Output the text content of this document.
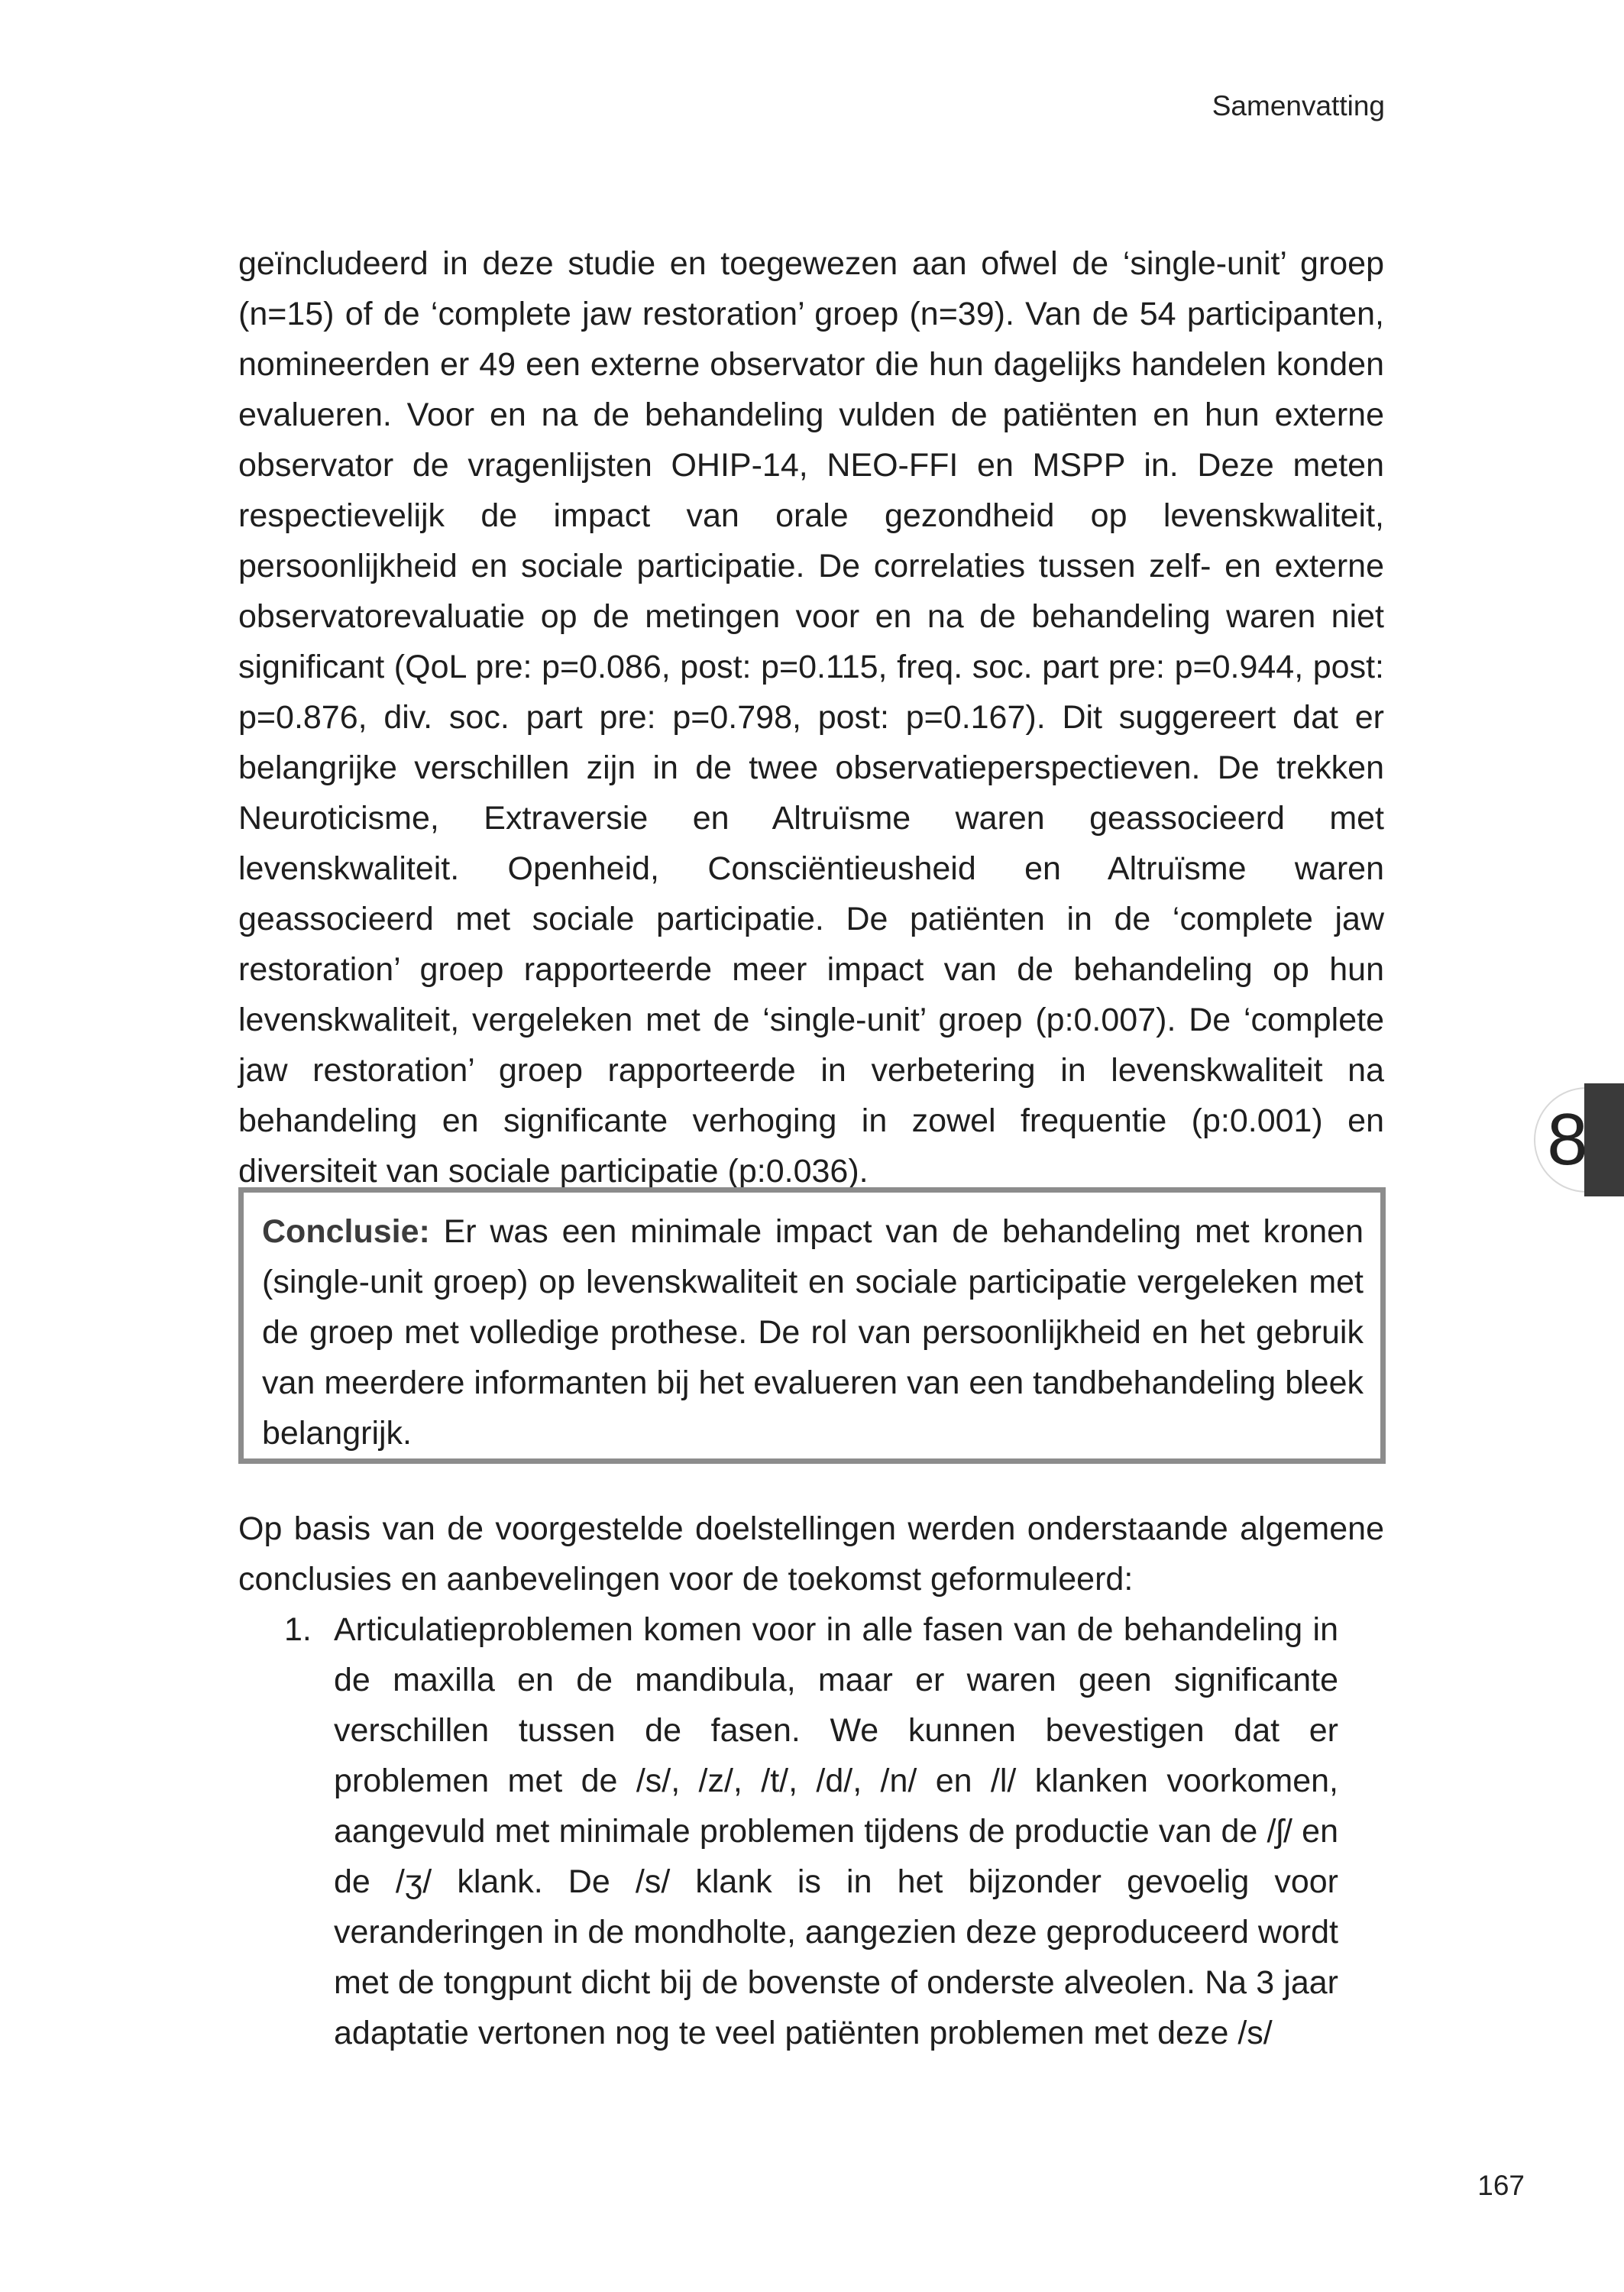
Samenvatting

geïncludeerd in deze studie en toegewezen aan ofwel de ‘single-unit’ groep (n=15) of de ‘complete jaw restoration’ groep (n=39). Van de 54 participanten, nomineerden er 49 een externe observator die hun dagelijks handelen konden evalueren. Voor en na de behandeling vulden de patiënten en hun externe observator de vragenlijsten OHIP-14, NEO-FFI en MSPP in. Deze meten respectievelijk de impact van orale gezondheid op levenskwaliteit, persoonlijkheid en sociale participatie. De correlaties tussen zelf- en externe observatorevaluatie op de metingen voor en na de behandeling waren niet significant (QoL pre: p=0.086, post: p=0.115, freq. soc. part pre: p=0.944, post: p=0.876, div. soc. part pre: p=0.798, post: p=0.167). Dit suggereert dat er belangrijke verschillen zijn in de twee observatieperspectieven. De trekken Neuroticisme, Extraversie en Altruïsme waren geassocieerd met levenskwaliteit. Openheid, Consciëntieusheid en Altruïsme waren geassocieerd met sociale participatie. De patiënten in de ‘complete jaw restoration’ groep rapporteerde meer impact van de behandeling op hun levenskwaliteit, vergeleken met de ‘single-unit’ groep (p:0.007). De ‘complete jaw restoration’ groep rapporteerde in verbetering in levenskwaliteit na behandeling en significante verhoging in zowel frequentie (p:0.001) en diversiteit van sociale participatie (p:0.036).	8
Conclusie: Er was een minimale impact van de behandeling met kronen (single-unit groep) op levenskwaliteit en sociale participatie vergeleken met de groep met volledige prothese. De rol van persoonlijkheid en het gebruik van meerdere informanten bij het evalueren van een tandbehandeling bleek belangrijk.

Op basis van de voorgestelde doelstellingen werden onderstaande algemene conclusies en aanbevelingen voor de toekomst geformuleerd:

1. Articulatieproblemen komen voor in alle fasen van de behandeling in de maxilla en de mandibula, maar er waren geen significante verschillen tussen de fasen. We kunnen bevestigen dat er problemen met de /s/, /z/, /t/, /d/, /n/ en /l/ klanken voorkomen, aangevuld met minimale problemen tijdens de productie van de /ʃ/ en de /ʒ/ klank. De /s/ klank is in het bijzonder gevoelig voor veranderingen in de mondholte, aangezien deze geproduceerd wordt met de tongpunt dicht bij de bovenste of onderste alveolen. Na 3 jaar adaptatie vertonen nog te veel patiënten problemen met deze /s/
167
